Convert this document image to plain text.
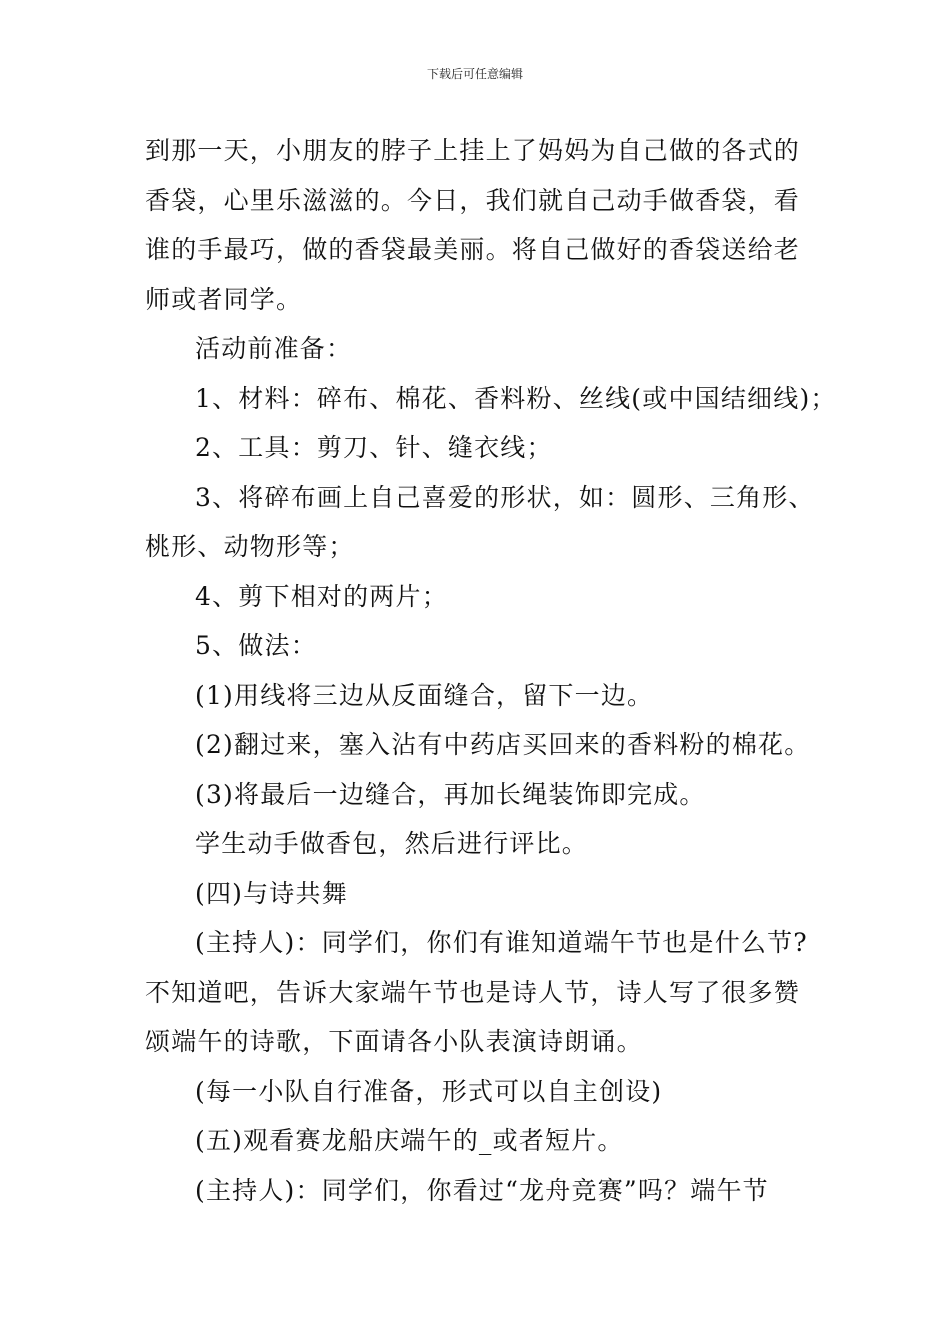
下载后可任意编辑

到那一天，小朋友的脖子上挂上了妈妈为自己做的各式的

香袋，心里乐滋滋的。今日，我们就自己动手做香袋，看

谁的手最巧，做的香袋最美丽。将自己做好的香袋送给老

师或者同学。

活动前准备：

1、材料：碎布、棉花、香料粉、丝线(或中国结细线)；

2、工具：剪刀、针、缝衣线；

3、将碎布画上自己喜爱的形状，如：圆形、三角形、

桃形、动物形等；

4、剪下相对的两片；

5、做法：

(1)用线将三边从反面缝合，留下一边。

(2)翻过来，塞入沾有中药店买回来的香料粉的棉花。

(3)将最后一边缝合，再加长绳装饰即完成。

学生动手做香包，然后进行评比。

(四)与诗共舞

(主持人)：同学们，你们有谁知道端午节也是什么节?

不知道吧，告诉大家端午节也是诗人节，诗人写了很多赞

颂端午的诗歌，下面请各小队表演诗朗诵。

(每一小队自行准备，形式可以自主创设)

(五)观看赛龙船庆端午的_或者短片。

(主持人)：同学们，你看过“龙舟竞赛”吗？端午节
